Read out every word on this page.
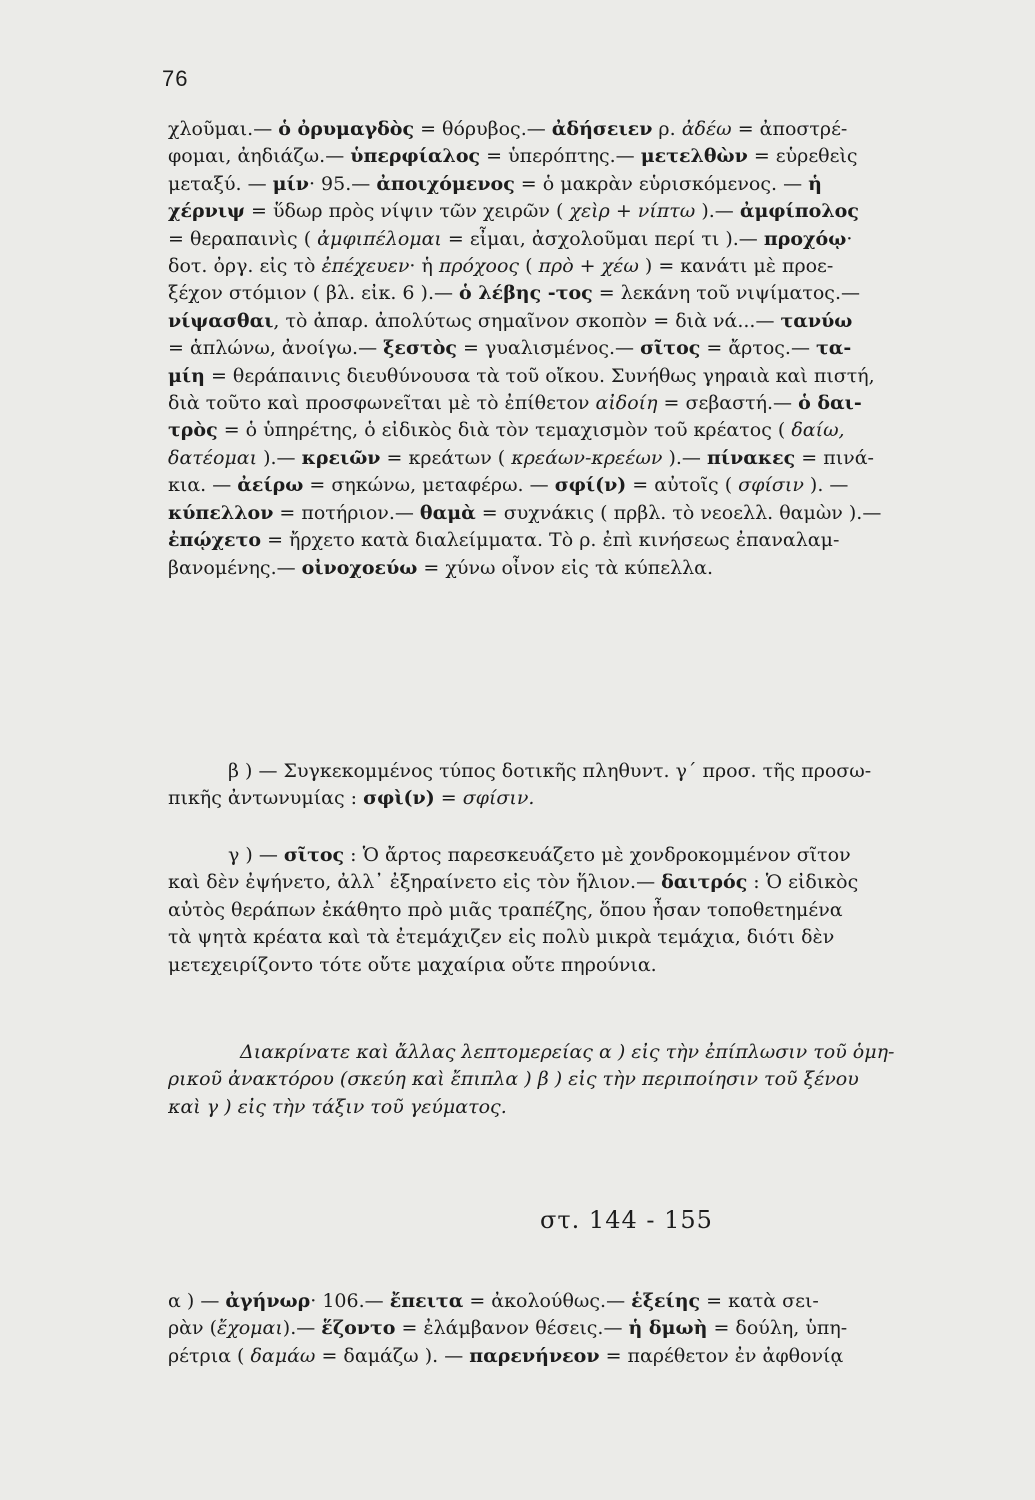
76
χλοῦμαι.— ὁ ὀρυμαγδὸς = θόρυβος.— ἀδήσειεν ρ. ἀδέω = ἀποστρέ-
φομαι, ἀηδιάζω.— ὑπερφίαλος = ὑπερόπτης.— μετελθὼν = εὑρεθεὶς
μεταξύ. — μίν· 95.— ἀποιχόμενος = ὁ μακρὰν εὑρισκόμενος. — ἡ
χέρνιψ = ὕδωρ πρὸς νίψιν τῶν χειρῶν ( χεὶρ + νίπτω ).— ἀμφίπολος
= θεραπαινὶς ( ἀμφιπέλομαι = εἶμαι, ἀσχολοῦμαι περί τι ).— προχόῳ·
δοτ. ὀργ. εἰς τὸ ἐπέχευεν· ἡ πρόχοος ( πρὸ + χέω ) = κανάτι μὲ προε-
ξέχον στόμιον ( βλ. εἰκ. 6 ).— ὁ λέβης -τος = λεκάνη τοῦ νιψίματος.—
νίψασθαι, τὸ ἀπαρ. ἀπολύτως σημαῖνον σκοπὸν = διὰ νά...— τανύω
= ἁπλώνω, ἀνοίγω.— ξεστὸς = γυαλισμένος.— σῖτος = ἄρτος.— τα-
μίη = θεράπαινις διευθύνουσα τὰ τοῦ οἴκου. Συνήθως γηραιὰ καὶ πιστή,
διὰ τοῦτο καὶ προσφωνεῖται μὲ τὸ ἐπίθετον αἰδοίη = σεβαστή.— ὁ δαι-
τρὸς = ὁ ὑπηρέτης, ὁ εἰδικὸς διὰ τὸν τεμαχισμὸν τοῦ κρέατος ( δαίω,
δατέομαι ).— κρειῶν = κρεάτων ( κρεάων-κρεέων ).— πίνακες = πινά-
κια. — ἀείρω = σηκώνω, μεταφέρω. — σφί(ν) = αὐτοῖς ( σφίσιν ). —
κύπελλον = ποτήριον.— θαμὰ = συχνάκις ( πρβλ. τὸ νεοελλ. θαμὼν ).—
ἐπῴχετο = ἤρχετο κατὰ διαλείμματα. Τὸ ρ. ἐπὶ κινήσεως ἐπαναλαμ-
βανομένης.— οἰνοχοεύω = χύνω οἶνον εἰς τὰ κύπελλα.
β ) — Συγκεκομμένος τύπος δοτικῆς πληθυντ. γ΄ προσ. τῆς προσω-
πικῆς ἀντωνυμίας : σφὶ(ν) = σφίσιν.
γ ) — σῖτος : Ὁ ἄρτος παρεσκευάζετο μὲ χονδροκομμένον σῖτον
καὶ δὲν ἐψήνετο, ἀλλ᾽ ἐξηραίνετο εἰς τὸν ἥλιον.— δαιτρός : Ὁ εἰδικὸς
αὐτὸς θεράπων ἐκάθητο πρὸ μιᾶς τραπέζης, ὅπου ἦσαν τοποθετημένα
τὰ ψητὰ κρέατα καὶ τὰ ἐτεμάχιζεν εἰς πολὺ μικρὰ τεμάχια, διότι δὲν
μετεχειρίζοντο τότε οὔτε μαχαίρια οὔτε πηρούνια.
Διακρίνατε καὶ ἄλλας λεπτομερείας α ) εἰς τὴν ἐπίπλωσιν τοῦ ὁμη-
ρικοῦ ἀνακτόρου (σκεύη καὶ ἔπιπλα ) β ) εἰς τὴν περιποίησιν τοῦ ξένου
καὶ γ ) εἰς τὴν τάξιν τοῦ γεύματος.
στ. 144 - 155
α ) — ἀγήνωρ· 106.— ἔπειτα = ἀκολούθως.— ἑξείης = κατὰ σει-
ρὰν (ἔχομαι).— ἕζοντο = ἐλάμβανον θέσεις.— ἡ δμωὴ = δούλη, ὑπη-
ρέτρια ( δαμάω = δαμάζω ). — παρενήνεον = παρέθετον ἐν ἀφθονίᾳ
